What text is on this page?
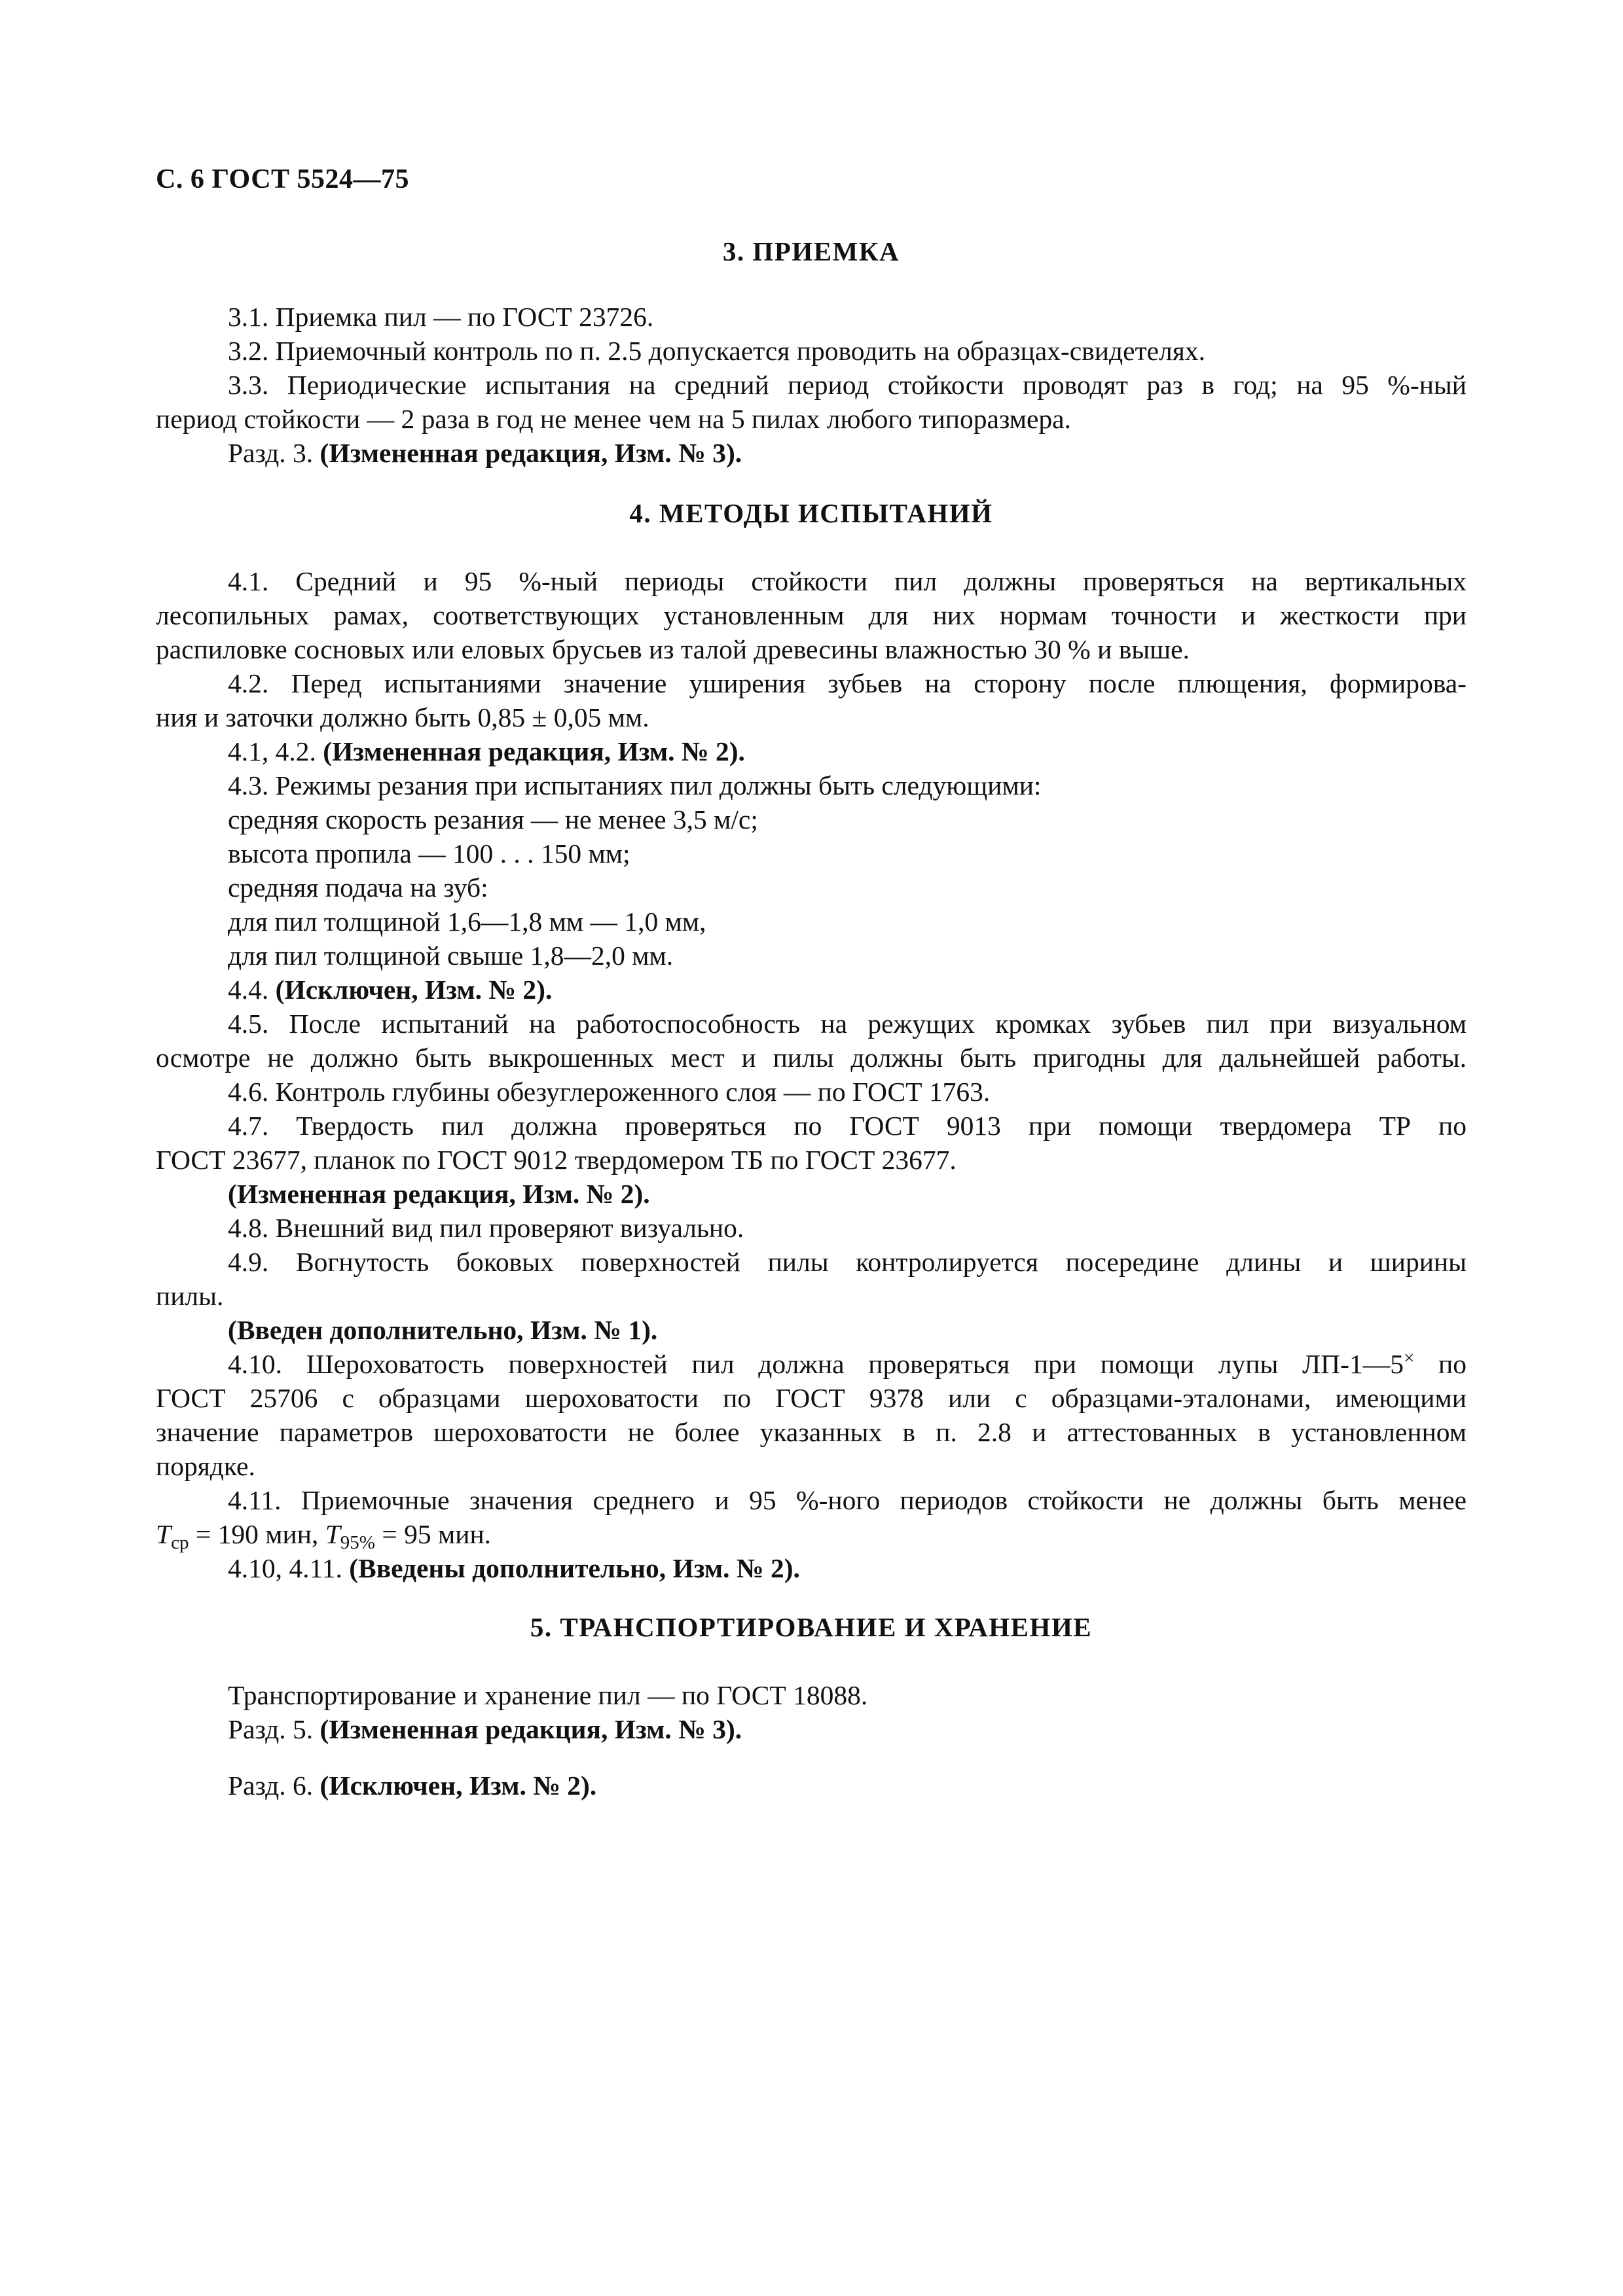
С. 6 ГОСТ 5524—75
3. ПРИЕМКА
3.1. Приемка пил — по ГОСТ 23726.
3.2. Приемочный контроль по п. 2.5 допускается проводить на образцах-свидетелях.
3.3. Периодические испытания на средний период стойкости проводят раз в год; на 95 %-ный
период стойкости — 2 раза в год не менее чем на 5 пилах любого типоразмера.
Разд. 3. (Измененная редакция, Изм. № 3).
4. МЕТОДЫ ИСПЫТАНИЙ
4.1. Средний и 95 %-ный периоды стойкости пил должны проверяться на вертикальных
лесопильных рамах, соответствующих установленным для них нормам точности и жесткости при
распиловке сосновых или еловых брусьев из талой древесины влажностью 30 % и выше.
4.2. Перед испытаниями значение уширения зубьев на сторону после плющения, формирова-
ния и заточки должно быть 0,85 ± 0,05 мм.
4.1, 4.2. (Измененная редакция, Изм. № 2).
4.3. Режимы резания при испытаниях пил должны быть следующими:
средняя скорость резания — не менее 3,5 м/с;
высота пропила — 100 . . . 150 мм;
средняя подача на зуб:
для пил толщиной 1,6—1,8 мм — 1,0 мм,
для пил толщиной свыше 1,8—2,0 мм.
4.4. (Исключен, Изм. № 2).
4.5. После испытаний на работоспособность на режущих кромках зубьев пил при визуальном
осмотре не должно быть выкрошенных мест и пилы должны быть пригодны для дальнейшей работы.
4.6. Контроль глубины обезуглероженного слоя — по ГОСТ 1763.
4.7. Твердость пил должна проверяться по ГОСТ 9013 при помощи твердомера ТР по
ГОСТ 23677, планок по ГОСТ 9012 твердомером ТБ по ГОСТ 23677.
(Измененная редакция, Изм. № 2).
4.8. Внешний вид пил проверяют визуально.
4.9. Вогнутость боковых поверхностей пилы контролируется посередине длины и ширины
пилы.
(Введен дополнительно, Изм. № 1).
4.10. Шероховатость поверхностей пил должна проверяться при помощи лупы ЛП-1—5× по
ГОСТ 25706 с образцами шероховатости по ГОСТ 9378 или с образцами-эталонами, имеющими
значение параметров шероховатости не более указанных в п. 2.8 и аттестованных в установленном
порядке.
4.11. Приемочные значения среднего и 95 %-ного периодов стойкости не должны быть менее
$T_{ср} = 190$ мин, $T_{95\%} = 95$ мин.
4.10, 4.11. (Введены дополнительно, Изм. № 2).
5. ТРАНСПОРТИРОВАНИЕ И ХРАНЕНИЕ
Транспортирование и хранение пил — по ГОСТ 18088.
Разд. 5. (Измененная редакция, Изм. № 3).
Разд. 6. (Исключен, Изм. № 2).
